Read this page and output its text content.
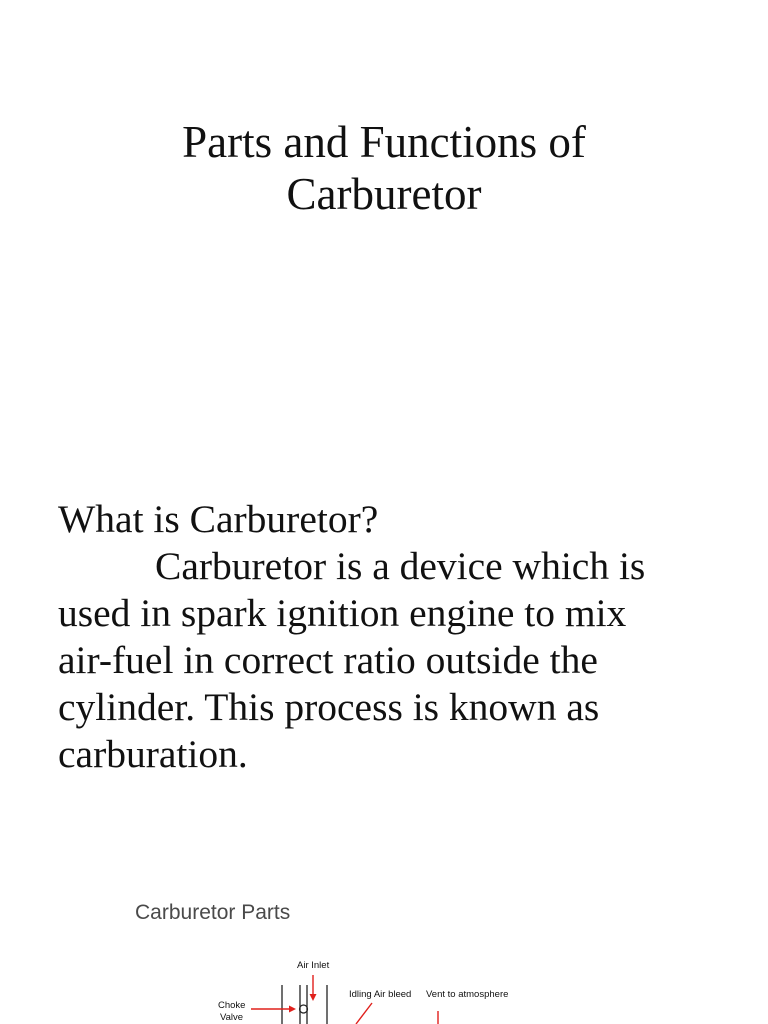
Parts and Functions of
Carburetor
What is Carburetor?
Carburetor is a device which is
used in spark ignition engine to mix
air-fuel in correct ratio outside the
cylinder. This process is known as
carburation.
Carburetor Parts
Air Inlet
Choke
Valve
Idling Air bleed Vent to atmosphere
